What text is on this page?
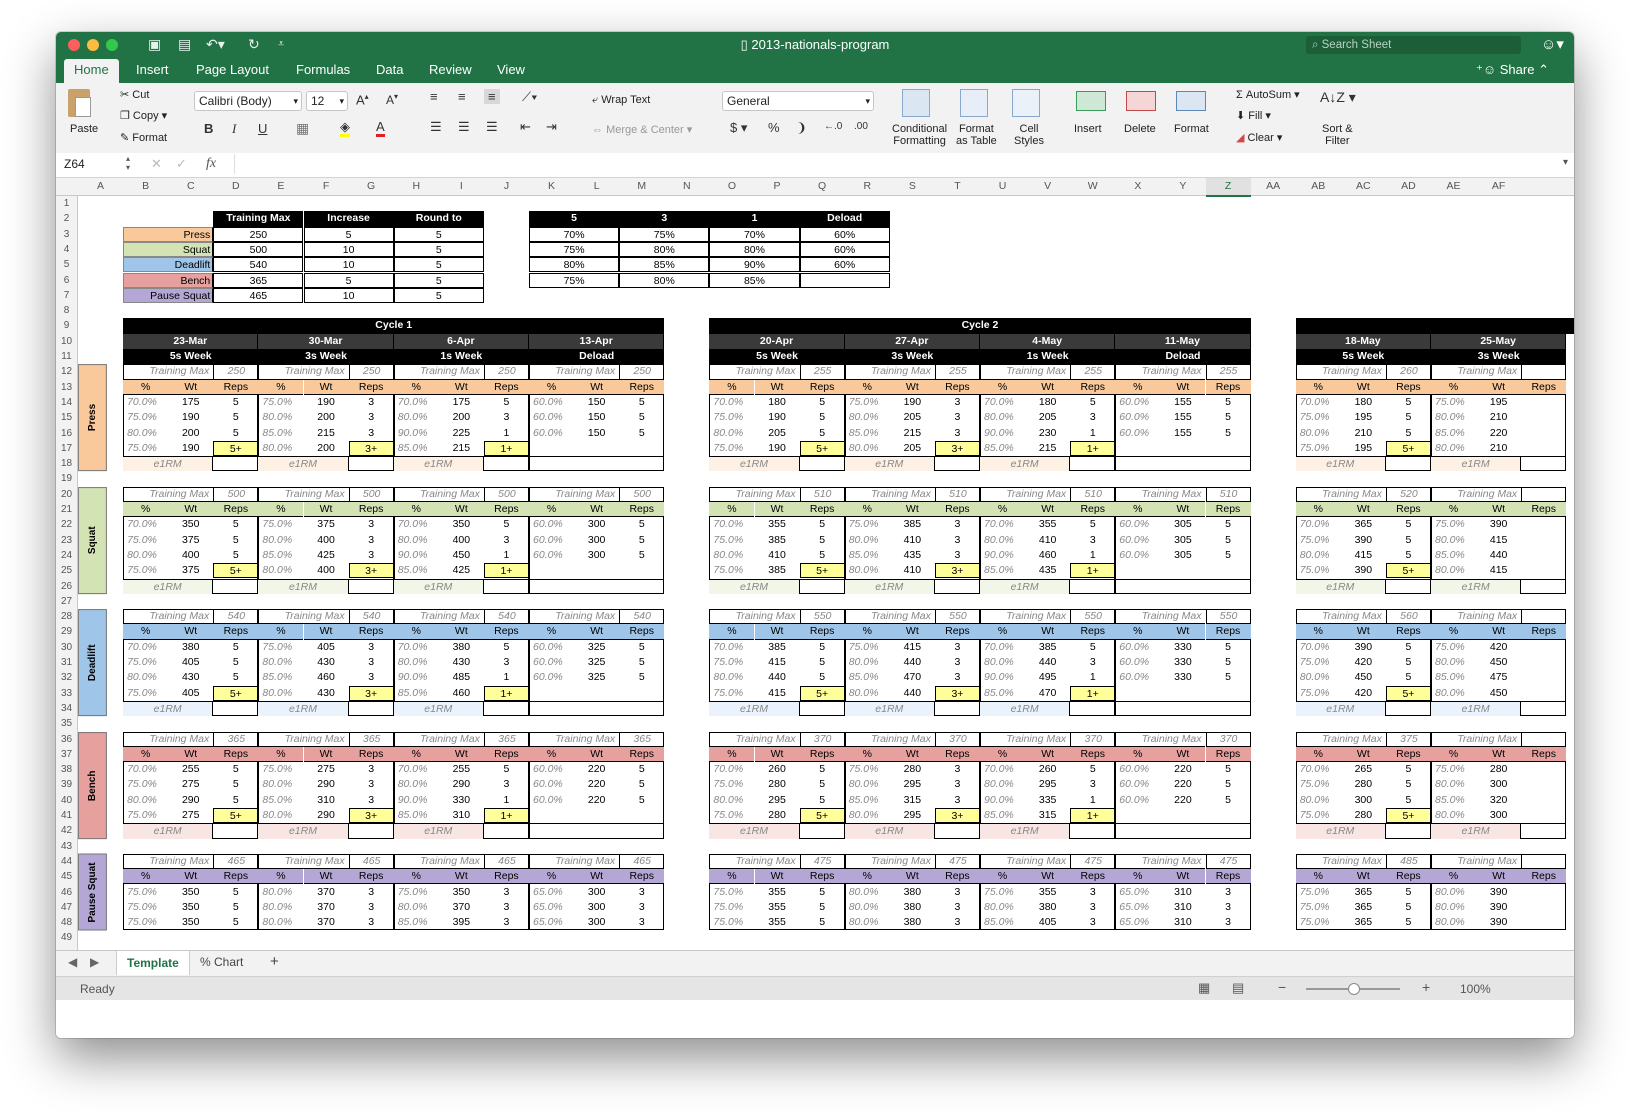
▣ ▤ ↶▾ ↻ ⩡	▯ 2013-nationals-program	⌕ Search Sheet	☺▾
Home	Insert Page Layout Formulas Data Review View	⁺☺ Share ⌃
Paste
✂ Cut
❐ Copy ▾
✎ Format
Calibri (Body) ▾	12 ▾ A▴ A▾
B I U ▦ ◈ A
≡ ≡	≡	⟋▾
☰ ☰ ☰ ⇤ ⇥
⤶ Wrap Text
⇔ Merge & Center ▾
General	▾
$ ▾ % ❩ ←.0 .00 Conditional
Formatting
Format
as Table
Cell
Styles
Insert Delete Format
Σ AutoSum ▾
⬇ Fill ▾
◢ Clear ▾
A↓Z ▾
Sort &
Filter
Z64	▴
▾ ✕ ✓ fx	▾
A	B	C	D	E	F	G	H	I	J	K	L	M	N	O	P	Q	R	S	T	U	V	W	X	Y	Z	AA	AB	AC	AD	AE	AF
1
2
3
4
5
6
7
8
9
10
11
12
13
14
15
16
17
18
19
20
21
22
23
24
25
26
27
28
29
30
31
32
33
34
35
36
37
38
39
40
41
42
43
44
45
46
47
48
49
Training Max	Increase	Round to
Press	250	5	5
Squat	500	10	5
Deadlift	540	10	5
Bench	365	5	5
Pause Squat	465	10	5
5	3	1	Deload
70%	75%	70%	60%
75%	80%	80%	60%
80%	85%	90%	60%
75%	80%	85%
Cycle 1
23-Mar
5s Week
30-Mar
3s Week
6-Apr
1s Week
13-Apr
Deload
Cycle 2
20-Apr
5s Week
27-Apr
3s Week
4-May
1s Week
11-May
Deload
18-May
5s Week
25-May
3s Week
Press
Training Max	250
%	Wt	Reps
70.0%	175	5
75.0%	190	5
80.0%	200	5
75.0%	190	5+
e1RM
Training Max	250
%	Wt	Reps
75.0%	190	3
80.0%	200	3
85.0%	215	3
80.0%	200	3+
e1RM
Training Max	250
%	Wt	Reps
70.0%	175	5
80.0%	200	3
90.0%	225	1
85.0%	215	1+
e1RM
Training Max	250
%	Wt	Reps
60.0%	150	5
60.0%	150	5
60.0%	150	5
Training Max	255
%	Wt	Reps
70.0%	180	5
75.0%	190	5
80.0%	205	5
75.0%	190	5+
e1RM
Training Max	255
%	Wt	Reps
75.0%	190	3
80.0%	205	3
85.0%	215	3
80.0%	205	3+
e1RM
Training Max	255
%	Wt	Reps
70.0%	180	5
80.0%	205	3
90.0%	230	1
85.0%	215	1+
e1RM
Training Max	255
%	Wt	Reps
60.0%	155	5
60.0%	155	5
60.0%	155	5
Training Max	260
%	Wt	Reps
70.0%	180	5
75.0%	195	5
80.0%	210	5
75.0%	195	5+
e1RM
Training Max
%	Wt	Reps
75.0%	195
80.0%	210
85.0%	220
80.0%	210
e1RM
Squat
Training Max	500
%	Wt	Reps
70.0%	350	5
75.0%	375	5
80.0%	400	5
75.0%	375	5+
e1RM
Training Max	500
%	Wt	Reps
75.0%	375	3
80.0%	400	3
85.0%	425	3
80.0%	400	3+
e1RM
Training Max	500
%	Wt	Reps
70.0%	350	5
80.0%	400	3
90.0%	450	1
85.0%	425	1+
e1RM
Training Max	500
%	Wt	Reps
60.0%	300	5
60.0%	300	5
60.0%	300	5
Training Max	510
%	Wt	Reps
70.0%	355	5
75.0%	385	5
80.0%	410	5
75.0%	385	5+
e1RM
Training Max	510
%	Wt	Reps
75.0%	385	3
80.0%	410	3
85.0%	435	3
80.0%	410	3+
e1RM
Training Max	510
%	Wt	Reps
70.0%	355	5
80.0%	410	3
90.0%	460	1
85.0%	435	1+
e1RM
Training Max	510
%	Wt	Reps
60.0%	305	5
60.0%	305	5
60.0%	305	5
Training Max	520
%	Wt	Reps
70.0%	365	5
75.0%	390	5
80.0%	415	5
75.0%	390	5+
e1RM
Training Max
%	Wt	Reps
75.0%	390
80.0%	415
85.0%	440
80.0%	415
e1RM
Deadlift
Training Max	540
%	Wt	Reps
70.0%	380	5
75.0%	405	5
80.0%	430	5
75.0%	405	5+
e1RM
Training Max	540
%	Wt	Reps
75.0%	405	3
80.0%	430	3
85.0%	460	3
80.0%	430	3+
e1RM
Training Max	540
%	Wt	Reps
70.0%	380	5
80.0%	430	3
90.0%	485	1
85.0%	460	1+
e1RM
Training Max	540
%	Wt	Reps
60.0%	325	5
60.0%	325	5
60.0%	325	5
Training Max	550
%	Wt	Reps
70.0%	385	5
75.0%	415	5
80.0%	440	5
75.0%	415	5+
e1RM
Training Max	550
%	Wt	Reps
75.0%	415	3
80.0%	440	3
85.0%	470	3
80.0%	440	3+
e1RM
Training Max	550
%	Wt	Reps
70.0%	385	5
80.0%	440	3
90.0%	495	1
85.0%	470	1+
e1RM
Training Max	550
%	Wt	Reps
60.0%	330	5
60.0%	330	5
60.0%	330	5
Training Max	560
%	Wt	Reps
70.0%	390	5
75.0%	420	5
80.0%	450	5
75.0%	420	5+
e1RM
Training Max
%	Wt	Reps
75.0%	420
80.0%	450
85.0%	475
80.0%	450
e1RM
Bench
Training Max	365
%	Wt	Reps
70.0%	255	5
75.0%	275	5
80.0%	290	5
75.0%	275	5+
e1RM
Training Max	365
%	Wt	Reps
75.0%	275	3
80.0%	290	3
85.0%	310	3
80.0%	290	3+
e1RM
Training Max	365
%	Wt	Reps
70.0%	255	5
80.0%	290	3
90.0%	330	1
85.0%	310	1+
e1RM
Training Max	365
%	Wt	Reps
60.0%	220	5
60.0%	220	5
60.0%	220	5
Training Max	370
%	Wt	Reps
70.0%	260	5
75.0%	280	5
80.0%	295	5
75.0%	280	5+
e1RM
Training Max	370
%	Wt	Reps
75.0%	280	3
80.0%	295	3
85.0%	315	3
80.0%	295	3+
e1RM
Training Max	370
%	Wt	Reps
70.0%	260	5
80.0%	295	3
90.0%	335	1
85.0%	315	1+
e1RM
Training Max	370
%	Wt	Reps
60.0%	220	5
60.0%	220	5
60.0%	220	5
Training Max	375
%	Wt	Reps
70.0%	265	5
75.0%	280	5
80.0%	300	5
75.0%	280	5+
e1RM
Training Max
%	Wt	Reps
75.0%	280
80.0%	300
85.0%	320
80.0%	300
e1RM
Pause Squat
Training Max	465
%	Wt	Reps
75.0%	350	5
75.0%	350	5
75.0%	350	5
Training Max	465
%	Wt	Reps
80.0%	370	3
80.0%	370	3
80.0%	370	3
Training Max	465
%	Wt	Reps
75.0%	350	3
80.0%	370	3
85.0%	395	3
Training Max	465
%	Wt	Reps
65.0%	300	3
65.0%	300	3
65.0%	300	3
Training Max	475
%	Wt	Reps
75.0%	355	5
75.0%	355	5
75.0%	355	5
Training Max	475
%	Wt	Reps
80.0%	380	3
80.0%	380	3
80.0%	380	3
Training Max	475
%	Wt	Reps
75.0%	355	3
80.0%	380	3
85.0%	405	3
Training Max	475
%	Wt	Reps
65.0%	310	3
65.0%	310	3
65.0%	310	3
Training Max	485
%	Wt	Reps
75.0%	365	5
75.0%	365	5
75.0%	365	5
Training Max
%	Wt	Reps
80.0%	390
80.0%	390
80.0%	390
◀ ▶	Template	% Chart +
Ready	▦ ▤ −	+ 100%
